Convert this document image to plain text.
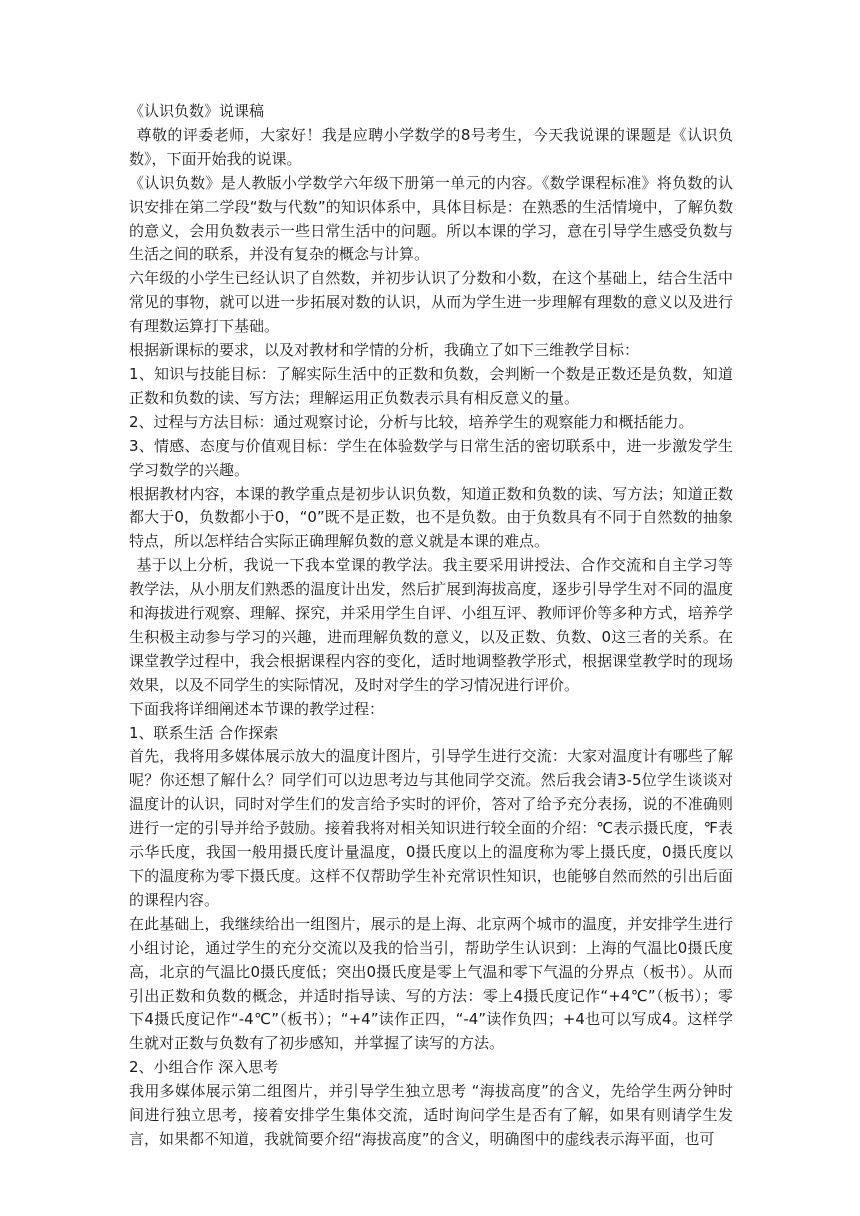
《认识负数》说课稿

尊敬的评委老师，大家好！我是应聘小学数学的8号考生，今天我说课的课题是《认识负数》，下面开始我的说课。

《认识负数》是人教版小学数学六年级下册第一单元的内容。《数学课程标准》将负数的认识安排在第二学段“数与代数”的知识体系中，具体目标是：在熟悉的生活情境中，了解负数的意义，会用负数表示一些日常生活中的问题。所以本课的学习，意在引导学生感受负数与生活之间的联系，并没有复杂的概念与计算。

六年级的小学生已经认识了自然数，并初步认识了分数和小数，在这个基础上，结合生活中常见的事物，就可以进一步拓展对数的认识，从而为学生进一步理解有理数的意义以及进行有理数运算打下基础。

根据新课标的要求，以及对教材和学情的分析，我确立了如下三维教学目标：

1、知识与技能目标：了解实际生活中的正数和负数，会判断一个数是正数还是负数，知道正数和负数的读、写方法；理解运用正负数表示具有相反意义的量。

2、过程与方法目标：通过观察讨论，分析与比较，培养学生的观察能力和概括能力。

3、情感、态度与价值观目标：学生在体验数学与日常生活的密切联系中，进一步激发学生学习数学的兴趣。

根据教材内容，本课的教学重点是初步认识负数，知道正数和负数的读、写方法；知道正数都大于0，负数都小于0，“0”既不是正数，也不是负数。由于负数具有不同于自然数的抽象特点，所以怎样结合实际正确理解负数的意义就是本课的难点。

基于以上分析，我说一下我本堂课的教学法。我主要采用讲授法、合作交流和自主学习等教学法，从小朋友们熟悉的温度计出发，然后扩展到海拔高度，逐步引导学生对不同的温度和海拔进行观察、理解、探究，并采用学生自评、小组互评、教师评价等多种方式，培养学生积极主动参与学习的兴趣，进而理解负数的意义，以及正数、负数、0这三者的关系。在课堂教学过程中，我会根据课程内容的变化，适时地调整教学形式，根据课堂教学时的现场效果，以及不同学生的实际情况，及时对学生的学习情况进行评价。

下面我将详细阐述本节课的教学过程：

1、联系生活 合作探索

首先，我将用多媒体展示放大的温度计图片，引导学生进行交流：大家对温度计有哪些了解呢？你还想了解什么？同学们可以边思考边与其他同学交流。然后我会请3-5位学生谈谈对温度计的认识，同时对学生们的发言给予实时的评价，答对了给予充分表扬，说的不准确则进行一定的引导并给予鼓励。接着我将对相关知识进行较全面的介绍：℃表示摄氏度，℉表示华氏度，我国一般用摄氏度计量温度，0摄氏度以上的温度称为零上摄氏度，0摄氏度以下的温度称为零下摄氏度。这样不仅帮助学生补充常识性知识，也能够自然而然的引出后面的课程内容。

在此基础上，我继续给出一组图片，展示的是上海、北京两个城市的温度，并安排学生进行小组讨论，通过学生的充分交流以及我的恰当引，帮助学生认识到：上海的气温比0摄氏度高，北京的气温比0摄氏度低；突出0摄氏度是零上气温和零下气温的分界点（板书）。从而引出正数和负数的概念，并适时指导读、写的方法：零上4摄氏度记作“+4℃”（板书）；零下4摄氏度记作“-4℃”（板书）；“+4”读作正四，“-4”读作负四；+4也可以写成4。这样学生就对正数与负数有了初步感知，并掌握了读写的方法。

2、小组合作 深入思考

我用多媒体展示第二组图片，并引导学生独立思考 “海拔高度”的含义，先给学生两分钟时间进行独立思考，接着安排学生集体交流，适时询问学生是否有了解，如果有则请学生发言，如果都不知道，我就简要介绍“海拔高度”的含义，明确图中的虚线表示海平面，也可
